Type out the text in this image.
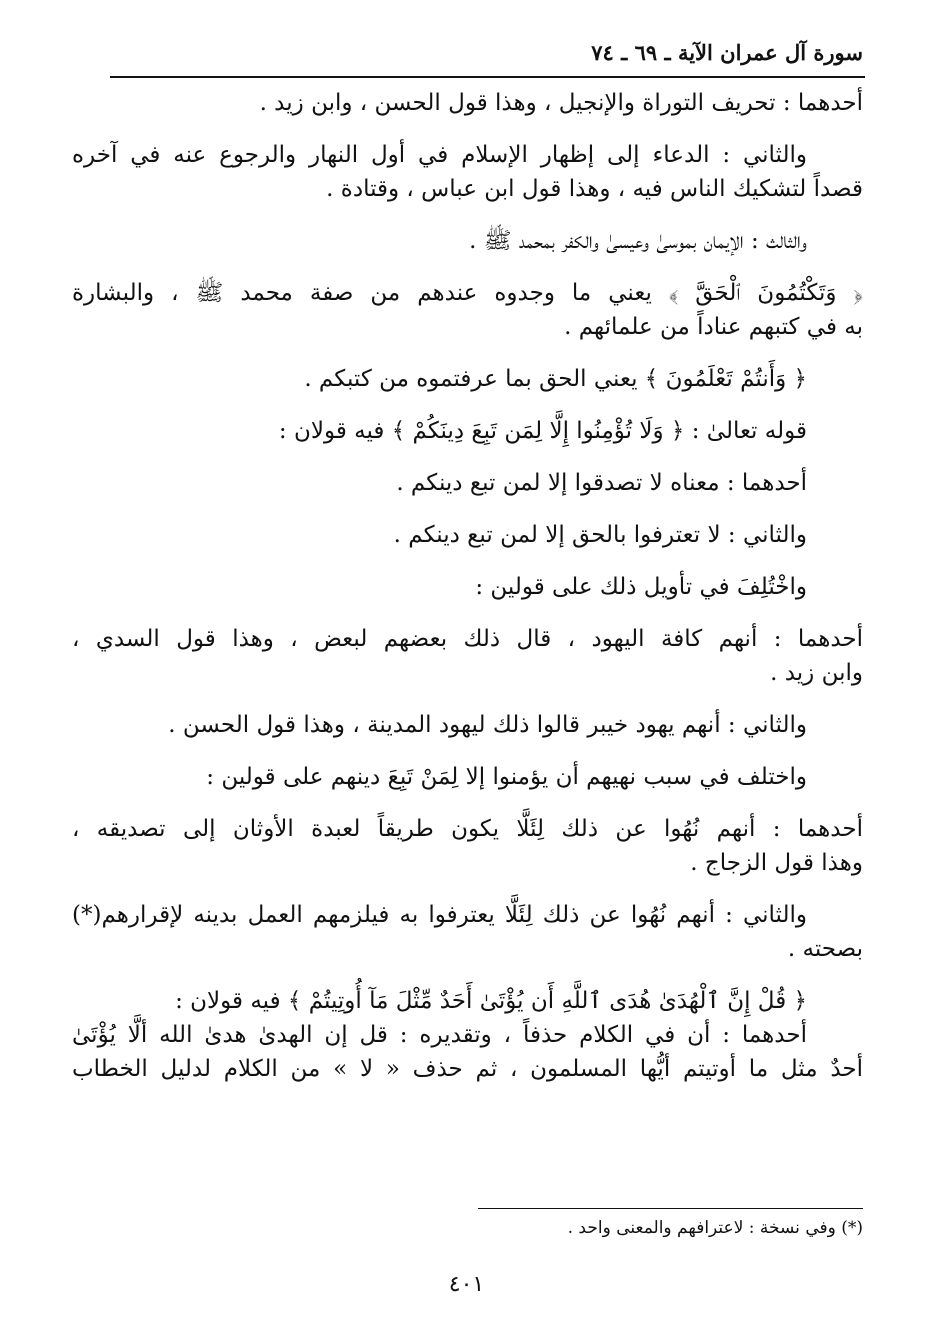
سورة آل عمران الآية ـ ٦٩ ـ ٧٤
أحدهما : تحريف التوراة والإنجيل ، وهذا قول الحسن ، وابن زيد .
والثاني : الدعاء إلى إظهار الإسلام في أول النهار والرجوع عنه في آخره
قصداً لتشكيك الناس فيه ، وهذا قول ابن عباس ، وقتادة .
والثالث : الإيمان بموسىٰ وعيسىٰ والكفر بمحمد ﷺ .
﴿ وَتَكْتُمُونَ ٱلْحَقَّ ﴾ يعني ما وجدوه عندهم من صفة محمد ﷺ ، والبشارة
به في كتبهم عناداً من علمائهم .
﴿ وَأَنتُمْ تَعْلَمُونَ ﴾ يعني الحق بما عرفتموه من كتبكم .
قوله تعالىٰ : ﴿ وَلَا تُؤْمِنُوا إِلَّا لِمَن تَبِعَ دِينَكُمْ ﴾ فيه قولان :
أحدهما : معناه لا تصدقوا إلا لمن تبع دينكم .
والثاني : لا تعترفوا بالحق إلا لمن تبع دينكم .
واخْتُلِفَ في تأويل ذلك على قولين :
أحدهما : أنهم كافة اليهود ، قال ذلك بعضهم لبعض ، وهذا قول السدي ،
وابن زيد .
والثاني : أنهم يهود خيبر قالوا ذلك ليهود المدينة ، وهذا قول الحسن .
واختلف في سبب نهيهم أن يؤمنوا إلا لِمَنْ تَبِعَ دينهم على قولين :
أحدهما : أنهم نُهُوا عن ذلك لِئَلَّا يكون طريقاً لعبدة الأوثان إلى تصديقه ،
وهذا قول الزجاج .
والثاني : أنهم نُهُوا عن ذلك لِئَلَّا يعترفوا به فيلزمهم العمل بدينه لإقرارهم(*)
بصحته .
﴿ قُلْ إِنَّ ٱلْهُدَىٰ هُدَى ٱللَّهِ أَن يُؤْتَىٰ أَحَدٌ مِّثْلَ مَآ أُوتِيتُمْ ﴾ فيه قولان :
أحدهما : أن في الكلام حذفاً ، وتقديره : قل إن الهدىٰ هدىٰ الله ألَّا يُؤْتَىٰ
أحدٌ مثل ما أوتيتم أيُّها المسلمون ، ثم حذف « لا » من الكلام لدليل الخطاب
(*) وفي نسخة : لاعترافهم والمعنى واحد .
٤٠١
